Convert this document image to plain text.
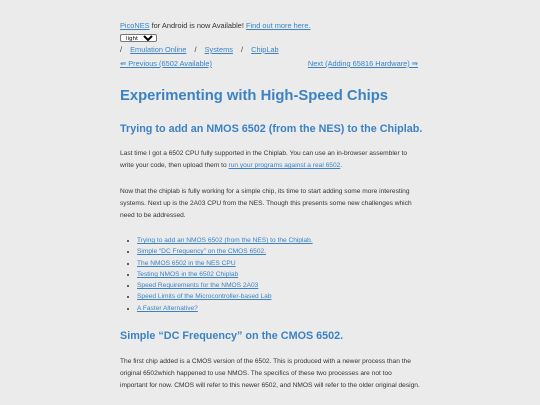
PicoNES for Android is now Available! Find out more here.
light
/ Emulation Online / Systems / ChipLab
⇚ Previous (6502 Available)	Next (Adding 65816 Hardware) ⇛
Experimenting with High-Speed Chips
Trying to add an NMOS 6502 (from the NES) to the Chiplab.

Last time I got a 6502 CPU fully supported in the Chiplab. You can use an in-browser assembler to write your code, then upload them to run your programs against a real 6502.

Now that the chiplab is fully working for a simple chip, its time to start adding some more interesting systems. Next up is the 2A03 CPU from the NES. Though this presents some new challenges which need to be addressed.

• Trying to add an NMOS 6502 (from the NES) to the Chiplab.
• Simple “DC Frequency” on the CMOS 6502.
• The NMOS 6502 in the NES CPU
• Testing NMOS in the 6502 Chiplab
• Speed Requirements for the NMOS 2A03
• Speed Limits of the Microcontroller-based Lab
• A Faster Alternative?
Simple “DC Frequency” on the CMOS 6502.

The first chip added is a CMOS version of the 6502. This is produced with a newer process than the original 6502which happened to use NMOS. The specifics of these two processes are not too important for now. CMOS will refer to this newer 6502, and NMOS will refer to the older original design.
